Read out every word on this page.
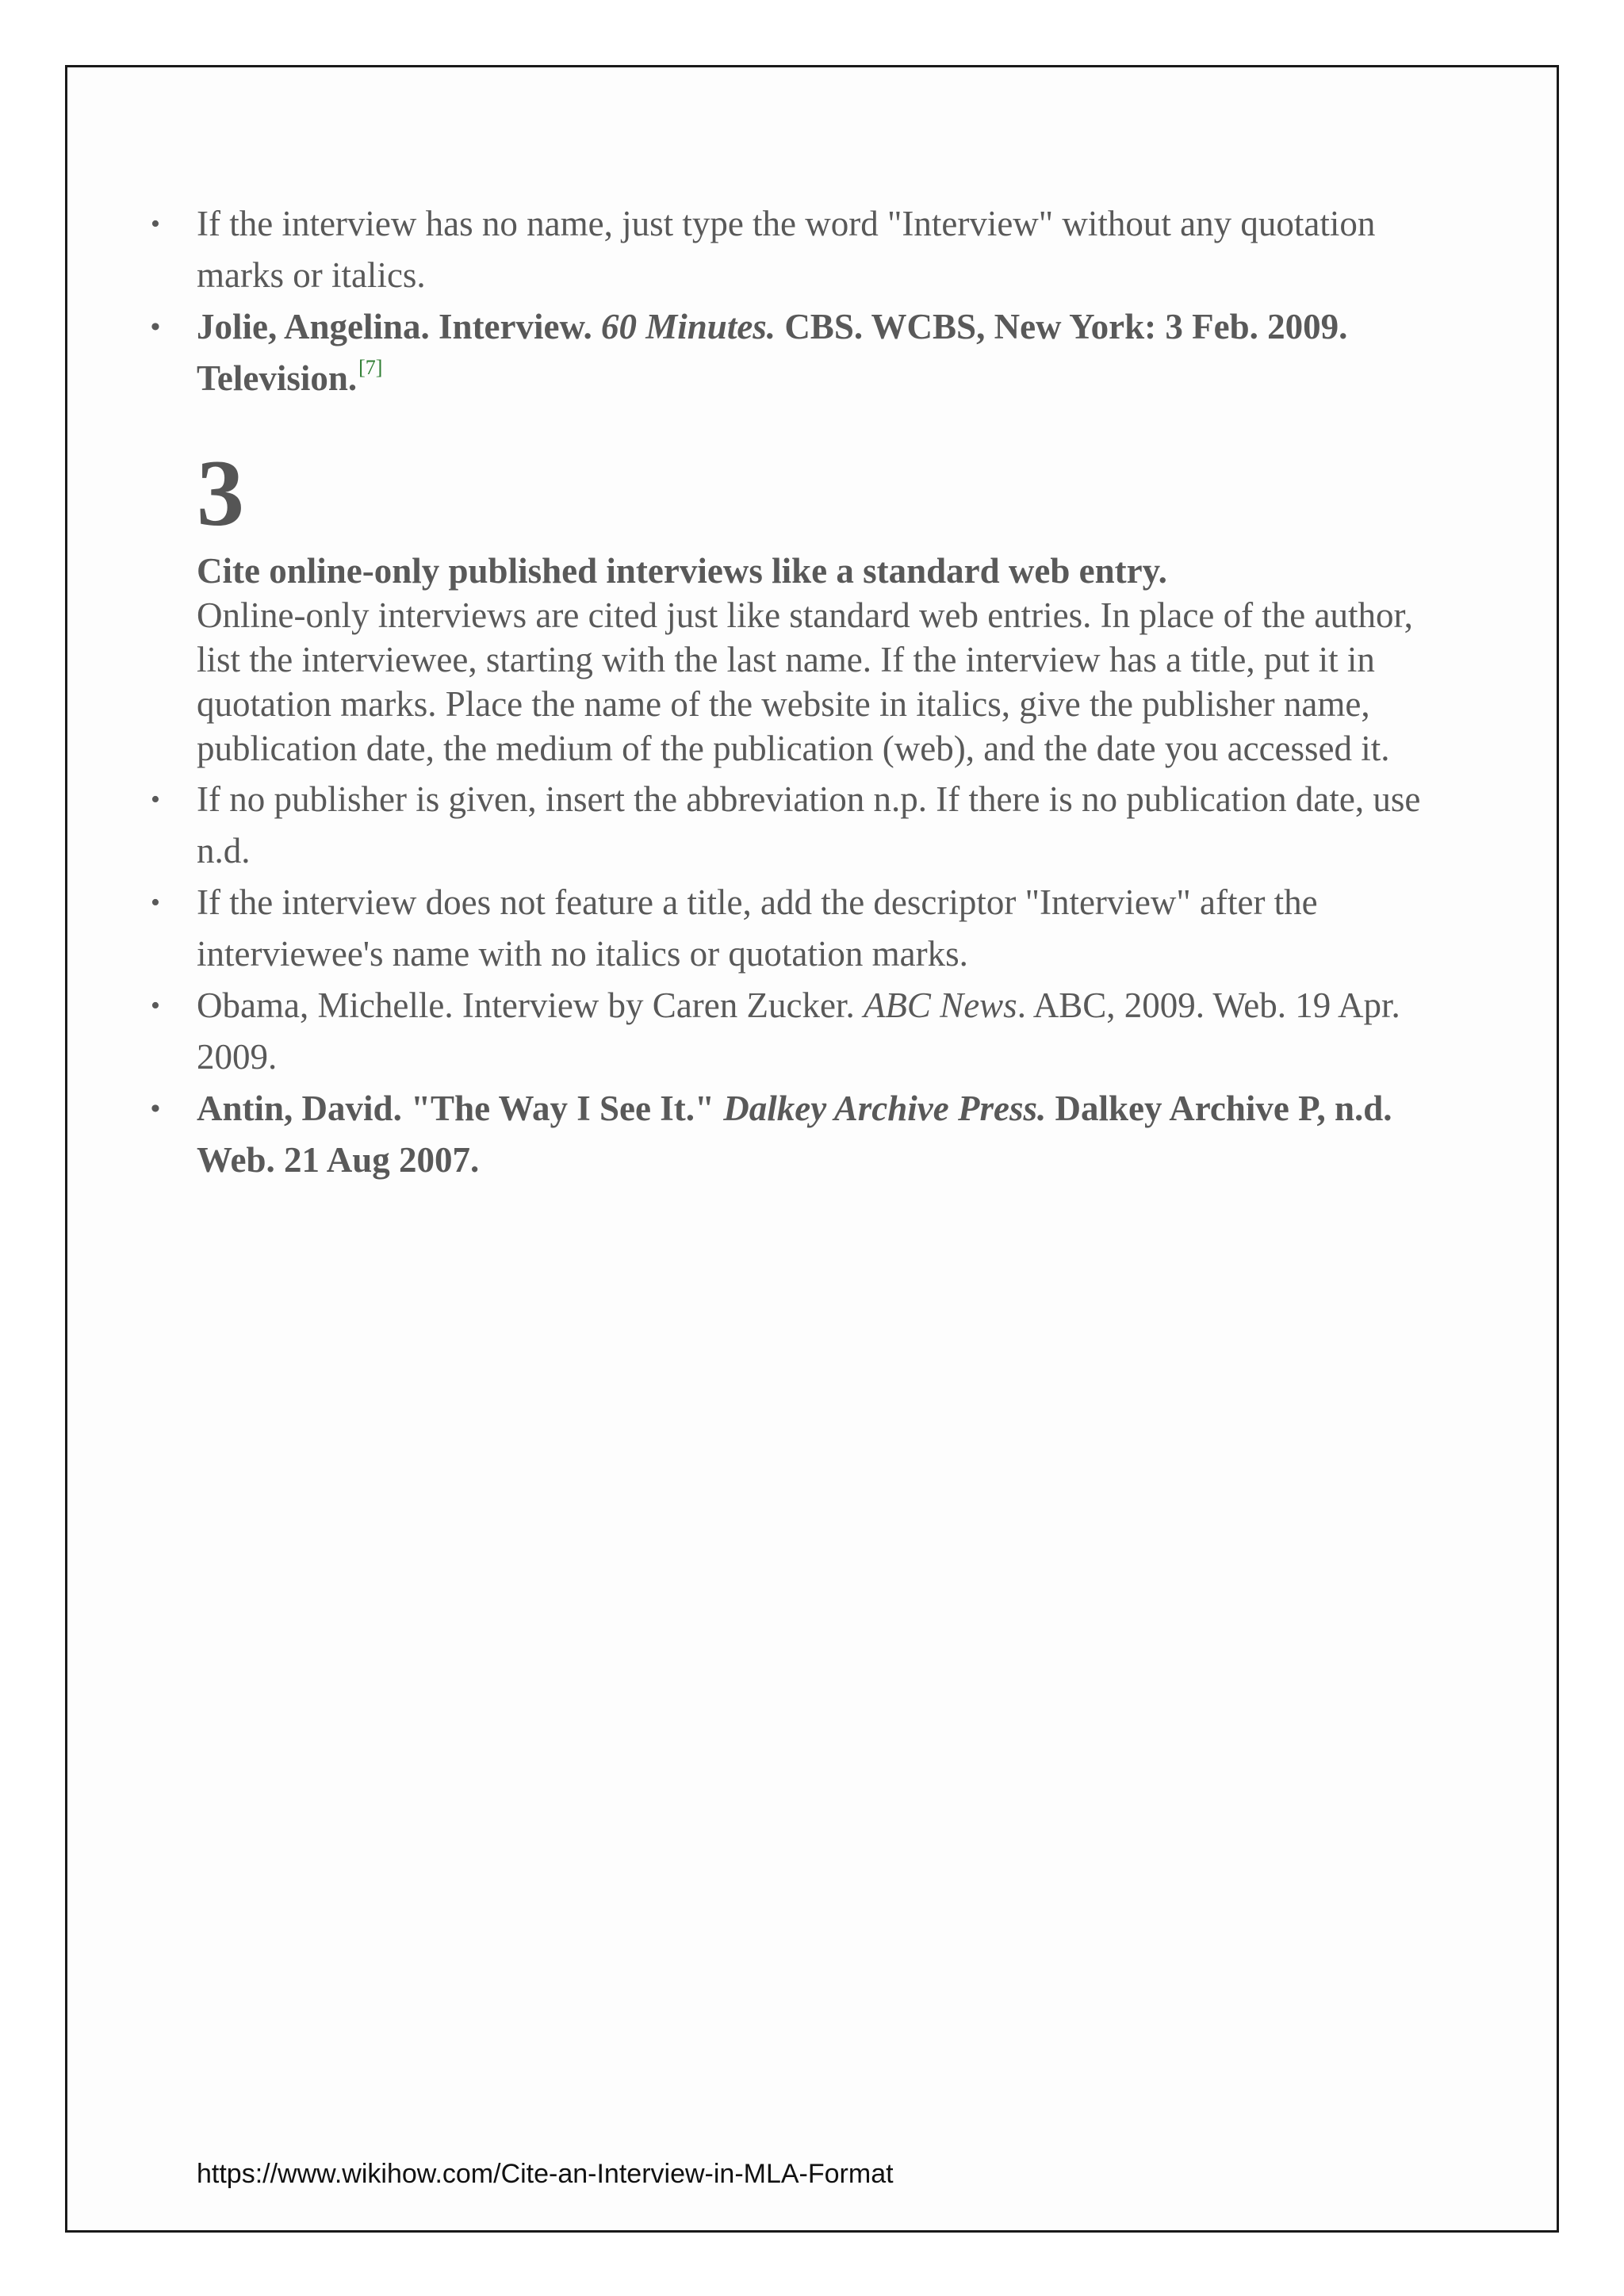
• If the interview has no name, just type the word "Interview" without any quotation marks or italics.
• Jolie, Angelina. Interview. 60 Minutes. CBS. WCBS, New York: 3 Feb. 2009. Television.[7]

3

Cite online-only published interviews like a standard web entry.

Online-only interviews are cited just like standard web entries. In place of the author, list the interviewee, starting with the last name. If the interview has a title, put it in quotation marks. Place the name of the website in italics, give the publisher name, publication date, the medium of the publication (web), and the date you accessed it.

• If no publisher is given, insert the abbreviation n.p. If there is no publication date, use n.d.
• If the interview does not feature a title, add the descriptor "Interview" after the interviewee's name with no italics or quotation marks.
• Obama, Michelle. Interview by Caren Zucker. ABC News. ABC, 2009. Web. 19 Apr. 2009.
• Antin, David. "The Way I See It." Dalkey Archive Press. Dalkey Archive P, n.d. Web. 21 Aug 2007.
https://www.wikihow.com/Cite-an-Interview-in-MLA-Format
